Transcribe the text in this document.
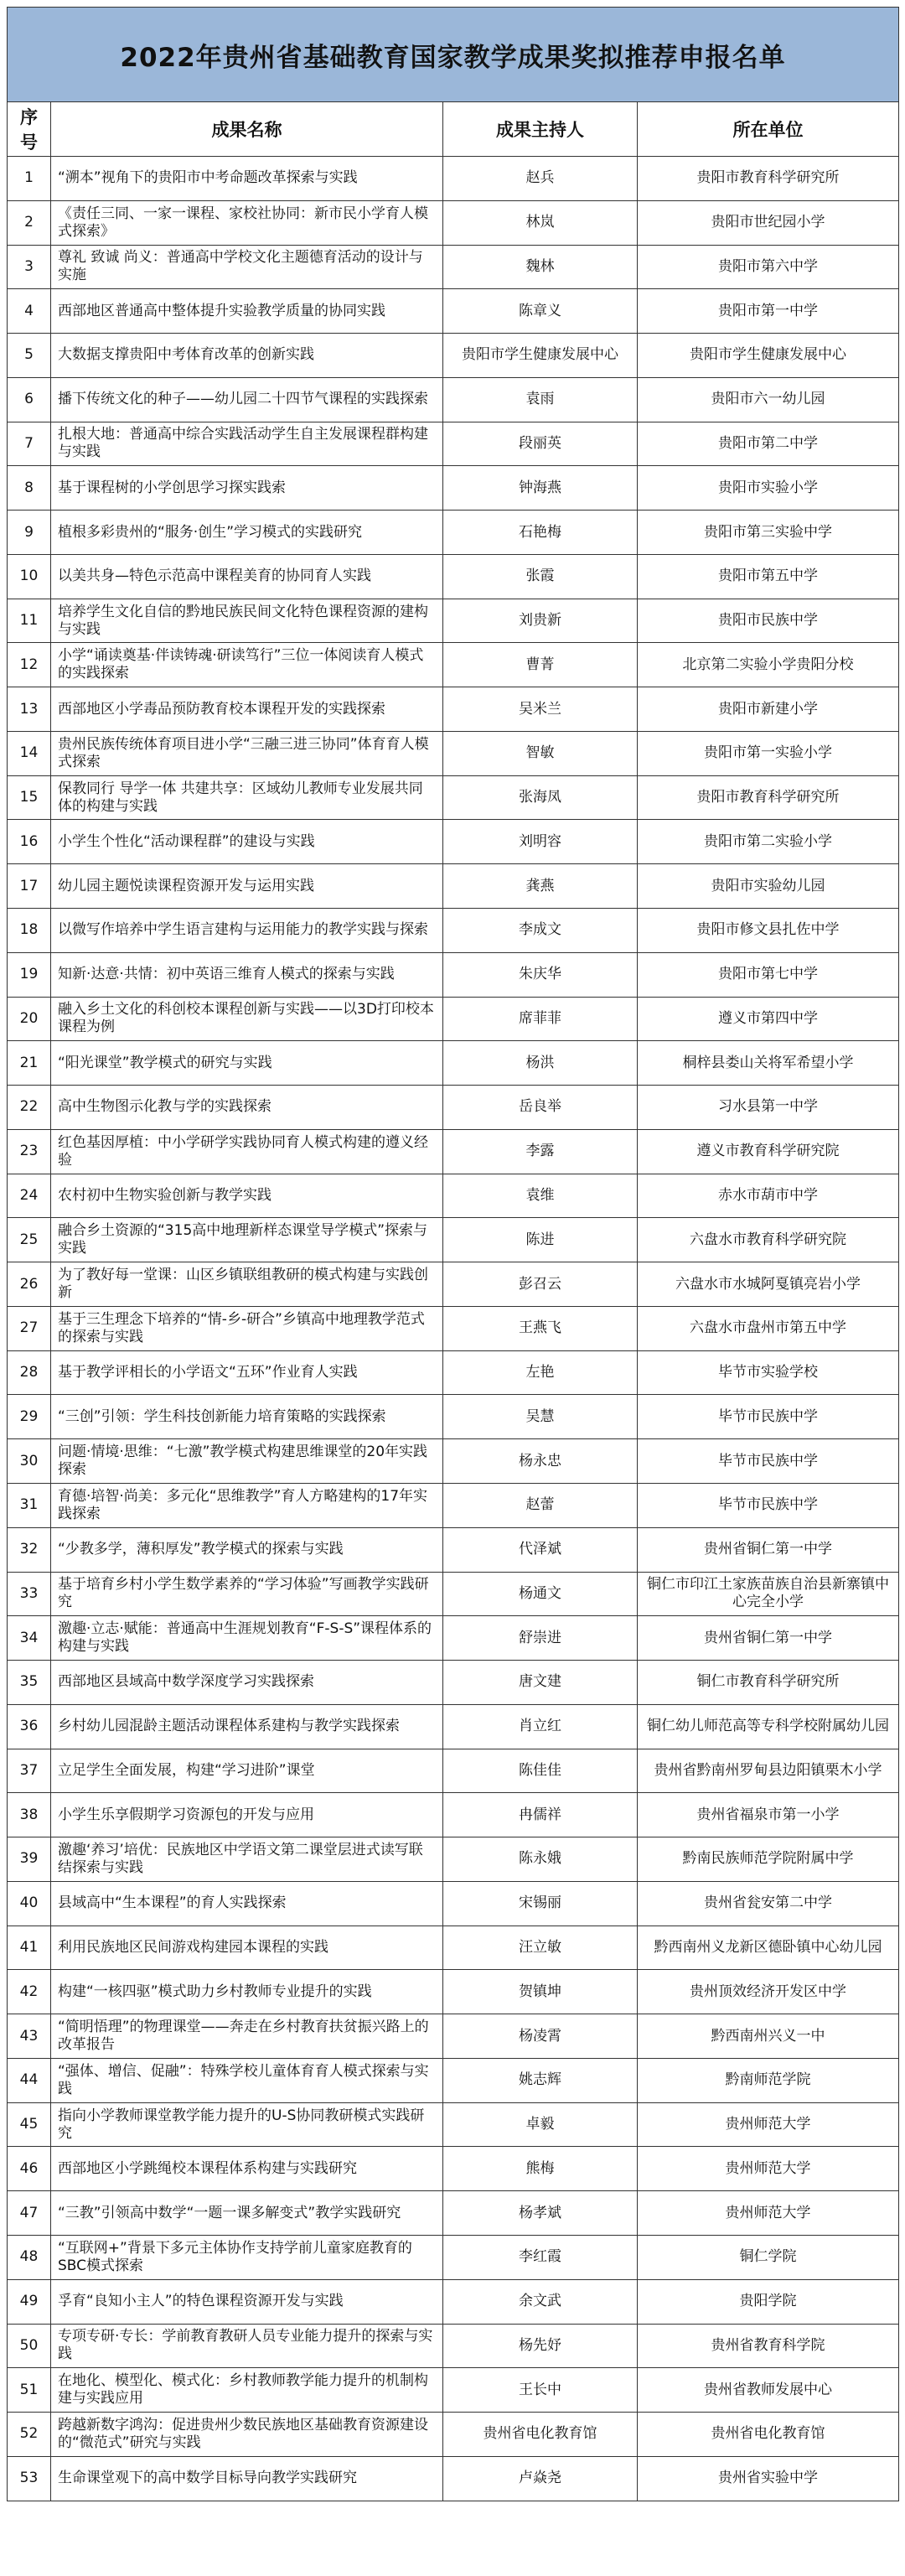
2022年贵州省基础教育国家教学成果奖拟推荐申报名单			
序号	成果名称	成果主持人	所在单位
1	“溯本”视角下的贵阳市中考命题改革探索与实践	赵兵	贵阳市教育科学研究所
2	《责任三同、一家一课程、家校社协同：新市民小学育人模式探索》	林岚	贵阳市世纪园小学
3	尊礼 致诚 尚义：普通高中学校文化主题德育活动的设计与实施	魏林	贵阳市第六中学
4	西部地区普通高中整体提升实验教学质量的协同实践	陈章义	贵阳市第一中学
5	大数据支撑贵阳中考体育改革的创新实践	贵阳市学生健康发展中心	贵阳市学生健康发展中心
6	播下传统文化的种子——幼儿园二十四节气课程的实践探索	袁雨	贵阳市六一幼儿园
7	扎根大地：普通高中综合实践活动学生自主发展课程群构建与实践	段丽英	贵阳市第二中学
8	基于课程树的小学创思学习探实践索	钟海燕	贵阳市实验小学
9	植根多彩贵州的“服务·创生”学习模式的实践研究	石艳梅	贵阳市第三实验中学
10	以美共身—特色示范高中课程美育的协同育人实践	张霞	贵阳市第五中学
11	培养学生文化自信的黔地民族民间文化特色课程资源的建构与实践	刘贵新	贵阳市民族中学
12	小学“诵读奠基·伴读铸魂·研读笃行”三位一体阅读育人模式的实践探索	曹菁	北京第二实验小学贵阳分校
13	西部地区小学毒品预防教育校本课程开发的实践探索	吴米兰	贵阳市新建小学
14	贵州民族传统体育项目进小学“三融三进三协同”体育育人模式探索	智敏	贵阳市第一实验小学
15	保教同行 导学一体 共建共享：区域幼儿教师专业发展共同体的构建与实践	张海凤	贵阳市教育科学研究所
16	小学生个性化“活动课程群”的建设与实践	刘明容	贵阳市第二实验小学
17	幼儿园主题悦读课程资源开发与运用实践	龚燕	贵阳市实验幼儿园
18	以微写作培养中学生语言建构与运用能力的教学实践与探索	李成文	贵阳市修文县扎佐中学
19	知新·达意·共情：初中英语三维育人模式的探索与实践	朱庆华	贵阳市第七中学
20	融入乡土文化的科创校本课程创新与实践——以3D打印校本课程为例	席菲菲	遵义市第四中学
21	“阳光课堂”教学模式的研究与实践	杨洪	桐梓县娄山关将军希望小学
22	高中生物图示化教与学的实践探索	岳良举	习水县第一中学
23	红色基因厚植：中小学研学实践协同育人模式构建的遵义经验	李露	遵义市教育科学研究院
24	农村初中生物实验创新与教学实践	袁维	赤水市葫市中学
25	融合乡土资源的“315高中地理新样态课堂导学模式”探索与实践	陈进	六盘水市教育科学研究院
26	为了教好每一堂课：山区乡镇联组教研的模式构建与实践创新	彭召云	六盘水市水城阿戛镇亮岩小学
27	基于三生理念下培养的“情-乡-研合”乡镇高中地理教学范式的探索与实践	王燕飞	六盘水市盘州市第五中学
28	基于教学评相长的小学语文“五环”作业育人实践	左艳	毕节市实验学校
29	“三创”引领：学生科技创新能力培育策略的实践探索	吴慧	毕节市民族中学
30	问题·情境·思维：“七激”教学模式构建思维课堂的20年实践探索	杨永忠	毕节市民族中学
31	育德·培智·尚美：多元化“思维教学”育人方略建构的17年实践探索	赵蕾	毕节市民族中学
32	“少教多学，薄积厚发”教学模式的探索与实践	代泽斌	贵州省铜仁第一中学
33	基于培育乡村小学生数学素养的“学习体验”写画教学实践研究	杨通文	铜仁市印江土家族苗族自治县新寨镇中心完全小学
34	激趣·立志·赋能：普通高中生涯规划教育“F-S-S”课程体系的构建与实践	舒崇进	贵州省铜仁第一中学
35	西部地区县域高中数学深度学习实践探索	唐文建	铜仁市教育科学研究所
36	乡村幼儿园混龄主题活动课程体系建构与教学实践探索	肖立红	铜仁幼儿师范高等专科学校附属幼儿园
37	立足学生全面发展，构建“学习进阶”课堂	陈佳佳	贵州省黔南州罗甸县边阳镇栗木小学
38	小学生乐享假期学习资源包的开发与应用	冉儒祥	贵州省福泉市第一小学
39	激趣‘养习’培优：民族地区中学语文第二课堂层进式读写联结探索与实践	陈永娥	黔南民族师范学院附属中学
40	县域高中“生本课程”的育人实践探索	宋锡丽	贵州省瓮安第二中学
41	利用民族地区民间游戏构建园本课程的实践	汪立敏	黔西南州义龙新区德卧镇中心幼儿园
42	构建“一核四驱”模式助力乡村教师专业提升的实践	贺镇坤	贵州顶效经济开发区中学
43	“简明悟理”的物理课堂——奔走在乡村教育扶贫振兴路上的改革报告	杨凌霄	黔西南州兴义一中
44	“强体、增信、促融”：特殊学校儿童体育育人模式探索与实践	姚志辉	黔南师范学院
45	指向小学教师课堂教学能力提升的U-S协同教研模式实践研究	卓毅	贵州师范大学
46	西部地区小学跳绳校本课程体系构建与实践研究	熊梅	贵州师范大学
47	“三教”引领高中数学“一题一课多解变式”教学实践研究	杨孝斌	贵州师范大学
48	“互联网+”背景下多元主体协作支持学前儿童家庭教育的SBC模式探索	李红霞	铜仁学院
49	孚育“良知小主人”的特色课程资源开发与实践	余文武	贵阳学院
50	专项专研·专长：学前教育教研人员专业能力提升的探索与实践	杨先妤	贵州省教育科学院
51	在地化、模型化、模式化：乡村教师教学能力提升的机制构建与实践应用	王长中	贵州省教师发展中心
52	跨越新数字鸿沟：促进贵州少数民族地区基础教育资源建设的“微范式”研究与实践	贵州省电化教育馆	贵州省电化教育馆
53	生命课堂观下的高中数学目标导向教学实践研究	卢焱尧	贵州省实验中学
